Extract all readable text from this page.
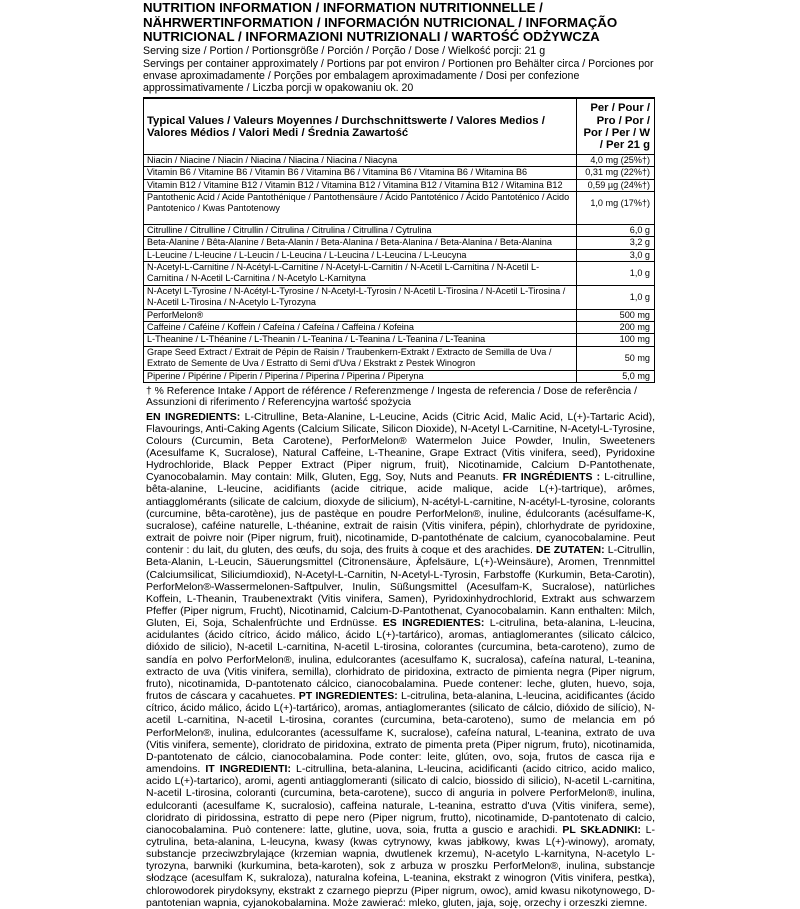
NUTRITION INFORMATION / INFORMATION NUTRITIONNELLE / NÄHRWERTINFORMATION / INFORMACIÓN NUTRICIONAL / INFORMAÇÃO NUTRICIONAL / INFORMAZIONI NUTRIZIONALI / WARTOŚĆ ODŻYWCZA
Serving size / Portion / Portionsgröße / Porción / Porção / Dose / Wielkość porcji: 21 g
Servings per container approximately / Portions par pot environ / Portionen pro Behälter circa / Porciones por envase aproximadamente / Porções por embalagem aproximadamente / Dosi per confezione approssimativamente / Liczba porcji w opakowaniu ok. 20
Typical Values / Valeurs Moyennes / Durchschnittswerte / Valores Medios / Valores Médios / Valori Medi / Średnia Zawartość	Per / Pour / Pro / Por / Por / Per / W / Per 21 g
Niacin / Niacine / Niacin / Niacina / Niacina / Niacina / Niacyna	4,0 mg (25%†)
Vitamin B6 / Vitamine B6 / Vitamin B6 / Vitamina B6 / Vitamina B6 / Vitamina B6 / Witamina B6	0,31 mg (22%†)
Vitamin B12 / Vitamine B12 / Vitamin B12 / Vitamina B12 / Vitamina B12 / Vitamina B12 / Witamina B12	0,59 µg (24%†)
Pantothenic Acid / Acide Pantothénique / Pantothensäure / Ácido Pantoténico / Ácido Pantoténico / Acido Pantotenico / Kwas Pantotenowy	1,0 mg (17%†)

Citrulline / Citrulline / Citrullin / Citrulina / Citrulina / Citrullina / Cytrulina	6,0 g
Beta-Alanine / Bêta-Alanine / Beta-Alanin / Beta-Alanina / Beta-Alanina / Beta-Alanina / Beta-Alanina	3,2 g
L-Leucine / L-leucine / L-Leucin / L-Leucina / L-Leucina / L-Leucina / L-Leucyna	3,0 g
N-Acetyl-L-Carnitine / N-Acétyl-L-Carnitine / N-Acetyl-L-Carnitin / N-Acetil L-Carnitina / N-Acetil L-Carnitina / N-Acetil L-Carnitina / N-Acetylo L-Karnityna	1,0 g
N-Acetyl L-Tyrosine / N-Acétyl-L-Tyrosine / N-Acetyl-L-Tyrosin / N-Acetil L-Tirosina / N-Acetil L-Tirosina / N-Acetil L-Tirosina / N-Acetylo L-Tyrozyna	1,0 g
PerforMelon®	500 mg
Caffeine / Caféine / Koffein / Cafeína / Cafeína / Caffeina / Kofeina	200 mg
L-Theanine / L-Théanine / L-Theanin / L-Teanina / L-Teanina / L-Teanina / L-Teanina	100 mg
Grape Seed Extract / Extrait de Pépin de Raisin / Traubenkern-Extrakt / Extracto de Semilla de Uva / Extrato de Semente de Uva / Estratto di Semi d'Uva / Ekstrakt z Pestek Winogron	50 mg
Piperine / Pipérine / Piperin / Piperina / Piperina / Piperina / Piperyna	5,0 mg
† % Reference Intake / Apport de référence / Referenzmenge / Ingesta de referencia / Dose de referência / Assunzioni di riferimento / Referencyjna wartość spożycia
EN INGREDIENTS: L-Citrulline, Beta-Alanine, L-Leucine, Acids (Citric Acid, Malic Acid, L(+)-Tartaric Acid), Flavourings, Anti-Caking Agents (Calcium Silicate, Silicon Dioxide), N-Acetyl L-Carnitine, N-Acetyl-L-Tyrosine, Colours (Curcumin, Beta Carotene), PerforMelon® Watermelon Juice Powder, Inulin, Sweeteners (Acesulfame K, Sucralose), Natural Caffeine, L-Theanine, Grape Extract (Vitis vinifera, seed), Pyridoxine Hydrochloride, Black Pepper Extract (Piper nigrum, fruit), Nicotinamide, Calcium D-Pantothenate, Cyanocobalamin. May contain: Milk, Gluten, Egg, Soy, Nuts and Peanuts. FR INGRÉDIENTS : L-citrulline, bêta-alanine, L-leucine, acidifiants (acide citrique, acide malique, acide L(+)-tartrique), arômes, antiagglomérants (silicate de calcium, dioxyde de silicium), N-acétyl-L-carnitine, N-acétyl-L-tyrosine, colorants (curcumine, bêta-carotène), jus de pastèque en poudre PerforMelon®, inuline, édulcorants (acésulfame-K, sucralose), caféine naturelle, L-théanine, extrait de raisin (Vitis vinifera, pépin), chlorhydrate de pyridoxine, extrait de poivre noir (Piper nigrum, fruit), nicotinamide, D-pantothénate de calcium, cyanocobalamine. Peut contenir : du lait, du gluten, des œufs, du soja, des fruits à coque et des arachides. DE ZUTATEN: L-Citrullin, Beta-Alanin, L-Leucin, Säuerungsmittel (Citronensäure, Äpfelsäure, L(+)-Weinsäure), Aromen, Trennmittel (Calciumsilicat, Siliciumdioxid), N-Acetyl-L-Carnitin, N-Acetyl-L-Tyrosin, Farbstoffe (Kurkumin, Beta-Carotin), PerforMelon®-Wassermelonen-Saftpulver, Inulin, Süßungsmittel (Acesulfam-K, Sucralose), natürliches Koffein, L-Theanin, Traubenextrakt (Vitis vinifera, Samen), Pyridoxinhydrochlorid, Extrakt aus schwarzem Pfeffer (Piper nigrum, Frucht), Nicotinamid, Calcium-D-Pantothenat, Cyanocobalamin. Kann enthalten: Milch, Gluten, Ei, Soja, Schalenfrüchte und Erdnüsse. ES INGREDIENTES: L-citrulina, beta-alanina, L-leucina, acidulantes (ácido cítrico, ácido málico, ácido L(+)-tartárico), aromas, antiaglomerantes (silicato cálcico, dióxido de silicio), N-acetil L-carnitina, N-acetil L-tirosina, colorantes (curcumina, beta-caroteno), zumo de sandía en polvo PerforMelon®, inulina, edulcorantes (acesulfamo K, sucralosa), cafeína natural, L-teanina, extracto de uva (Vitis vinifera, semilla), clorhidrato de piridoxina, extracto de pimienta negra (Piper nigrum, fruto), nicotinamida, D-pantotenato cálcico, cianocobalamina. Puede contener: leche, gluten, huevo, soja, frutos de cáscara y cacahuetes. PT INGREDIENTES: L-citrulina, beta-alanina, L-leucina, acidificantes (ácido cítrico, ácido málico, ácido L(+)-tartárico), aromas, antiaglomerantes (silicato de cálcio, dióxido de silício), N-acetil L-carnitina, N-acetil L-tirosina, corantes (curcumina, beta-caroteno), sumo de melancia em pó PerforMelon®, inulina, edulcorantes (acessulfame K, sucralose), cafeína natural, L-teanina, extrato de uva (Vitis vinifera, semente), cloridrato de piridoxina, extrato de pimenta preta (Piper nigrum, fruto), nicotinamida, D-pantotenato de cálcio, cianocobalamina. Pode conter: leite, glúten, ovo, soja, frutos de casca rija e amendoins. IT INGREDIENTI: L-citrullina, beta-alanina, L-leucina, acidificanti (acido citrico, acido malico, acido L(+)-tartarico), aromi, agenti antiagglomeranti (silicato di calcio, biossido di silicio), N-acetil L-carnitina, N-acetil L-tirosina, coloranti (curcumina, beta-carotene), succo di anguria in polvere PerforMelon®, inulina, edulcoranti (acesulfame K, sucralosio), caffeina naturale, L-teanina, estratto d'uva (Vitis vinifera, seme), cloridrato di piridossina, estratto di pepe nero (Piper nigrum, frutto), nicotinamide, D-pantotenato di calcio, cianocobalamina. Può contenere: latte, glutine, uova, soia, frutta a guscio e arachidi. PL SKŁADNIKI: L-cytrulina, beta-alanina, L-leucyna, kwasy (kwas cytrynowy, kwas jabłkowy, kwas L(+)-winowy), aromaty, substancje przeciwzbrylające (krzemian wapnia, dwutlenek krzemu), N-acetylo L-karnityna, N-acetylo L-tyrozyna, barwniki (kurkumina, beta-karoten), sok z arbuza w proszku PerforMelon®, inulina, substancje słodzące (acesulfam K, sukraloza), naturalna kofeina, L-teanina, ekstrakt z winogron (Vitis vinifera, pestka), chlorowodorek pirydoksyny, ekstrakt z czarnego pieprzu (Piper nigrum, owoc), amid kwasu nikotynowego, D-pantotenian wapnia, cyjanokobalamina. Może zawierać: mleko, gluten, jaja, soję, orzechy i orzeszki ziemne.
